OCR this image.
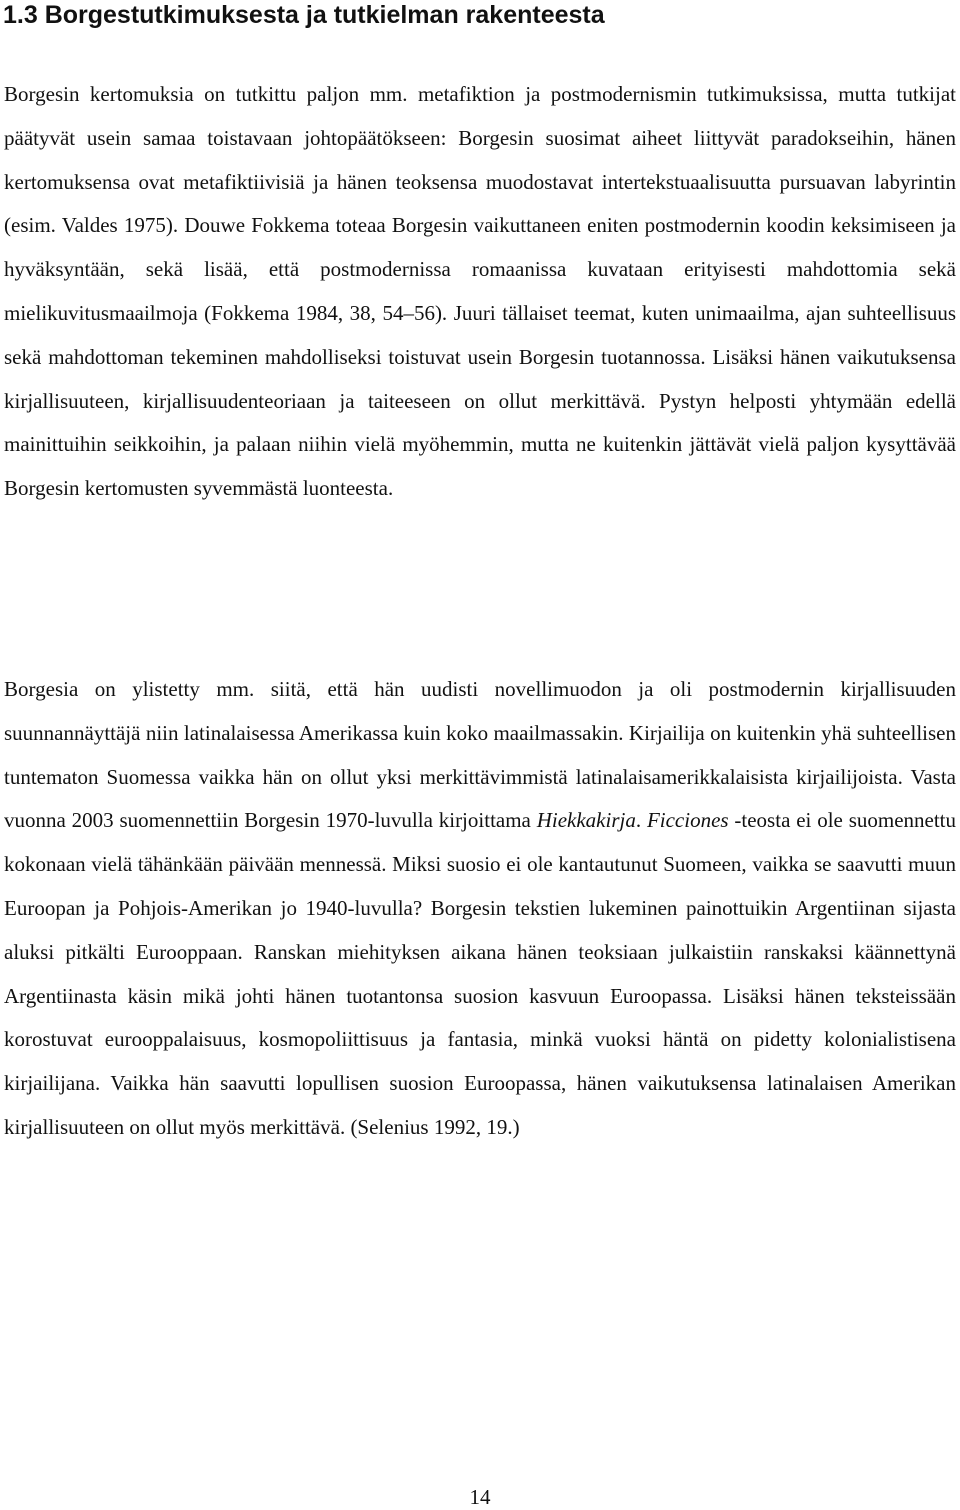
1.3 Borgestutkimuksesta ja tutkielman rakenteesta

Borgesin kertomuksia on tutkittu paljon mm. metafiktion ja postmodernismin tutkimuksissa, mutta tutkijat päätyvät usein samaa toistavaan johtopäätökseen: Borgesin suosimat aiheet liittyvät paradokseihin, hänen kertomuksensa ovat metafiktiivisiä ja hänen teoksensa muodostavat intertekstuaalisuutta pursuavan labyrintin (esim. Valdes 1975). Douwe Fokkema toteaa Borgesin vaikuttaneen eniten postmodernin koodin keksimiseen ja hyväksyntään, sekä lisää, että postmodernissa romaanissa kuvataan erityisesti mahdottomia sekä mielikuvitusmaailmoja (Fokkema 1984, 38, 54–56). Juuri tällaiset teemat, kuten unimaailma, ajan suhteellisuus sekä mahdottoman tekeminen mahdolliseksi toistuvat usein Borgesin tuotannossa. Lisäksi hänen vaikutuksensa kirjallisuuteen, kirjallisuudenteoriaan ja taiteeseen on ollut merkittävä. Pystyn helposti yhtymään edellä mainittuihin seikkoihin, ja palaan niihin vielä myöhemmin, mutta ne kuitenkin jättävät vielä paljon kysyttävää Borgesin kertomusten syvemmästä luonteesta.

Borgesia on ylistetty mm. siitä, että hän uudisti novellimuodon ja oli postmodernin kirjallisuuden suunnannäyttäjä niin latinalaisessa Amerikassa kuin koko maailmassakin. Kirjailija on kuitenkin yhä suhteellisen tuntematon Suomessa vaikka hän on ollut yksi merkittävimmistä latinalaisamerikkalaisista kirjailijoista. Vasta vuonna 2003 suomennettiin Borgesin 1970-luvulla kirjoittama Hiekkakirja. Ficciones -teosta ei ole suomennettu kokonaan vielä tähänkään päivään mennessä. Miksi suosio ei ole kantautunut Suomeen, vaikka se saavutti muun Euroopan ja Pohjois-Amerikan jo 1940-luvulla? Borgesin tekstien lukeminen painottuikin Argentiinan sijasta aluksi pitkälti Eurooppaan. Ranskan miehityksen aikana hänen teoksiaan julkaistiin ranskaksi käännettynä Argentiinasta käsin mikä johti hänen tuotantonsa suosion kasvuun Euroopassa. Lisäksi hänen teksteissään korostuvat eurooppalaisuus, kosmopoliittisuus ja fantasia, minkä vuoksi häntä on pidetty kolonialistisena kirjailijana. Vaikka hän saavutti lopullisen suosion Euroopassa, hänen vaikutuksensa latinalaisen Amerikan kirjallisuuteen on ollut myös merkittävä. (Selenius 1992, 19.)

14
